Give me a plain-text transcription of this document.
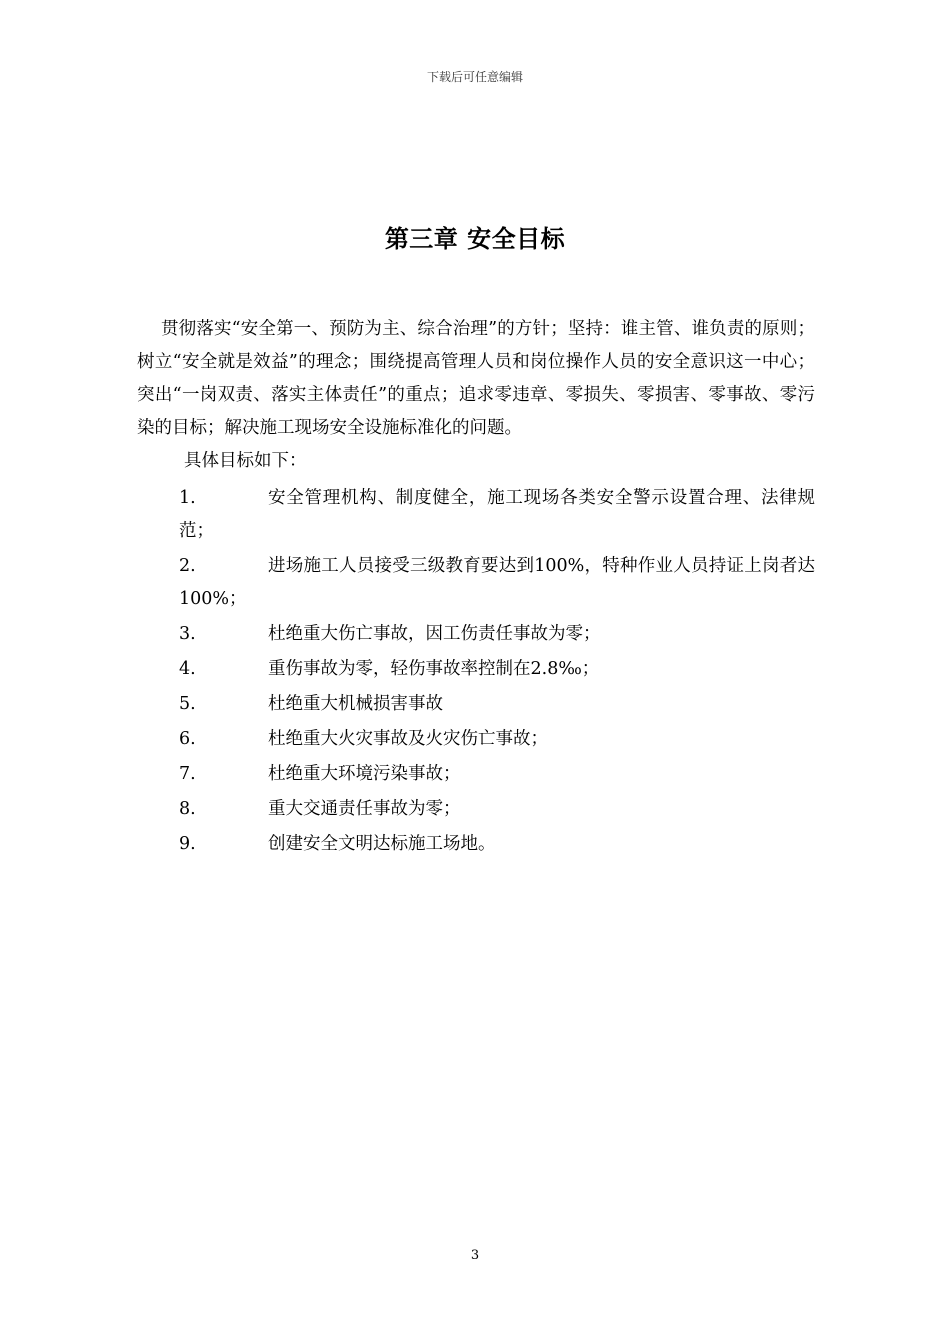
下载后可任意编辑
第三章 安全目标

贯彻落实“安全第一、预防为主、综合治理”的方针；坚持：谁主管、谁负责的原则；树立“安全就是效益”的理念；围绕提高管理人员和岗位操作人员的安全意识这一中心；突出“一岗双责、落实主体责任”的重点；追求零违章、零损失、零损害、零事故、零污染的目标；解决施工现场安全设施标准化的问题。

具体目标如下：

1.	安全管理机构、制度健全，施工现场各类安全警示设置合理、法律规范；
2.	进场施工人员接受三级教育要达到100%，特种作业人员持证上岗者达100%；
3.	杜绝重大伤亡事故，因工伤责任事故为零；
4.	重伤事故为零，轻伤事故率控制在2.8‰；
5.	杜绝重大机械损害事故
6.	杜绝重大火灾事故及火灾伤亡事故；
7.	杜绝重大环境污染事故；
8.	重大交通责任事故为零；
9.	创建安全文明达标施工场地。
3
